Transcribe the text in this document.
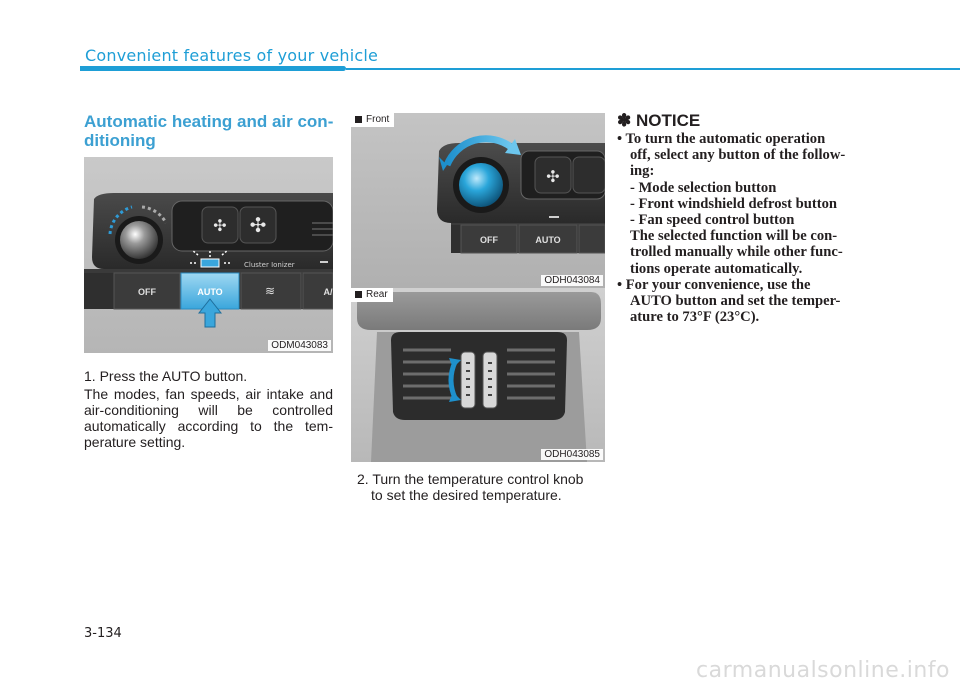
Convenient features of your vehicle
Automatic heating and air con- ditioning
✣ ✣
Cluster Ionizer
OFF	AUTO	≋	A/
ODM043083
1. Press the AUTO button.
The modes, fan speeds, air intake and air-conditioning will be controlled automatically according to the tem- perature setting.
✣
OFF	AUTO
Front
ODH043084
Rear
ODH043085
2. Turn the temperature control knob
to set the desired temperature.
✽ NOTICE
• To turn the automatic operation
off, select any button of the follow-
ing:
- Mode selection button
- Front windshield defrost button
- Fan speed control button
The selected function will be con-
trolled manually while other func-
tions operate automatically.
• For your convenience, use the
AUTO button and set the temper-
ature to 73°F (23°C).
3-134
carmanualsonline.info
